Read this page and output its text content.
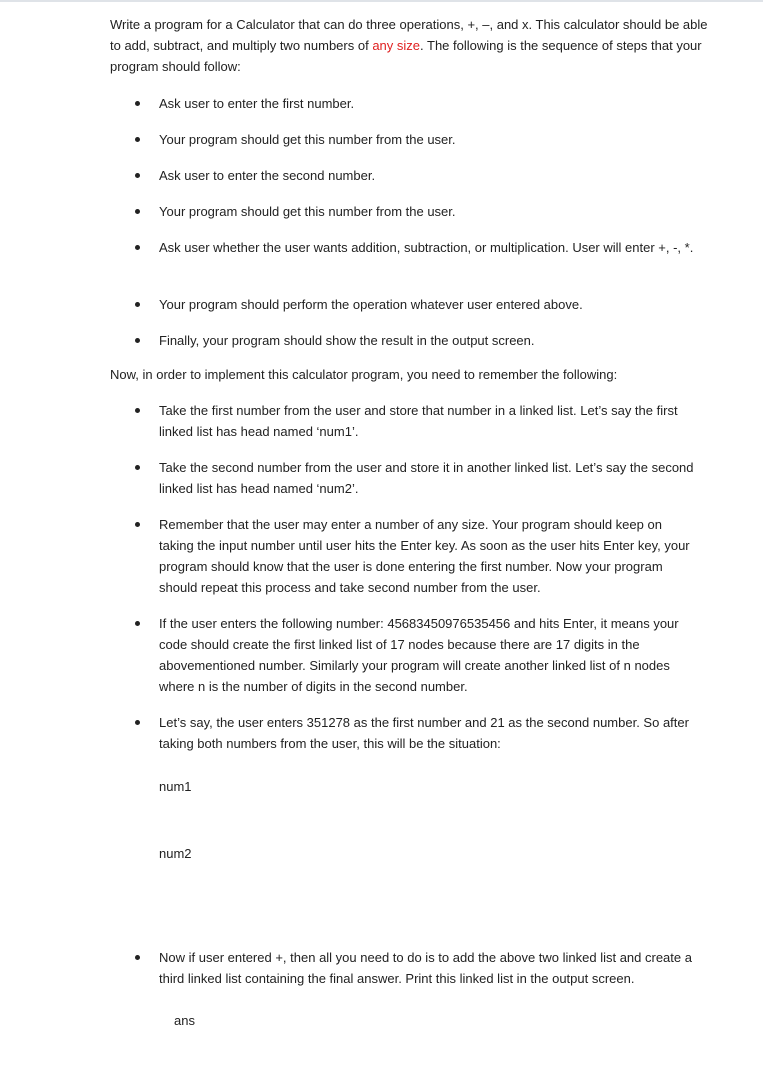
Write a program for a Calculator that can do three operations, +, –, and x. This calculator should be able to add, subtract, and multiply two numbers of any size. The following is the sequence of steps that your program should follow:

Ask user to enter the first number.
Your program should get this number from the user.
Ask user to enter the second number.
Your program should get this number from the user.
Ask user whether the user wants addition, subtraction, or multiplication. User will enter +, -, *.
Your program should perform the operation whatever user entered above.
Finally, your program should show the result in the output screen.

Now, in order to implement this calculator program, you need to remember the following:

Take the first number from the user and store that number in a linked list. Let’s say the first linked list has head named ‘num1’.
Take the second number from the user and store it in another linked list. Let’s say the second linked list has head named ‘num2’.
Remember that the user may enter a number of any size. Your program should keep on taking the input number until user hits the Enter key. As soon as the user hits Enter key, your program should know that the user is done entering the first number. Now your program should repeat this process and take second number from the user.
If the user enters the following number: 45683450976535456 and hits Enter, it means your code should create the first linked list of 17 nodes because there are 17 digits in the abovementioned number. Similarly your program will create another linked list of n nodes where n is the number of digits in the second number.
Let’s say, the user enters 351278 as the first number and 21 as the second number. So after taking both numbers from the user, this will be the situation:
num1
num2
Now if user entered +, then all you need to do is to add the above two linked list and create a third linked list containing the final answer. Print this linked list in the output screen.
ans
